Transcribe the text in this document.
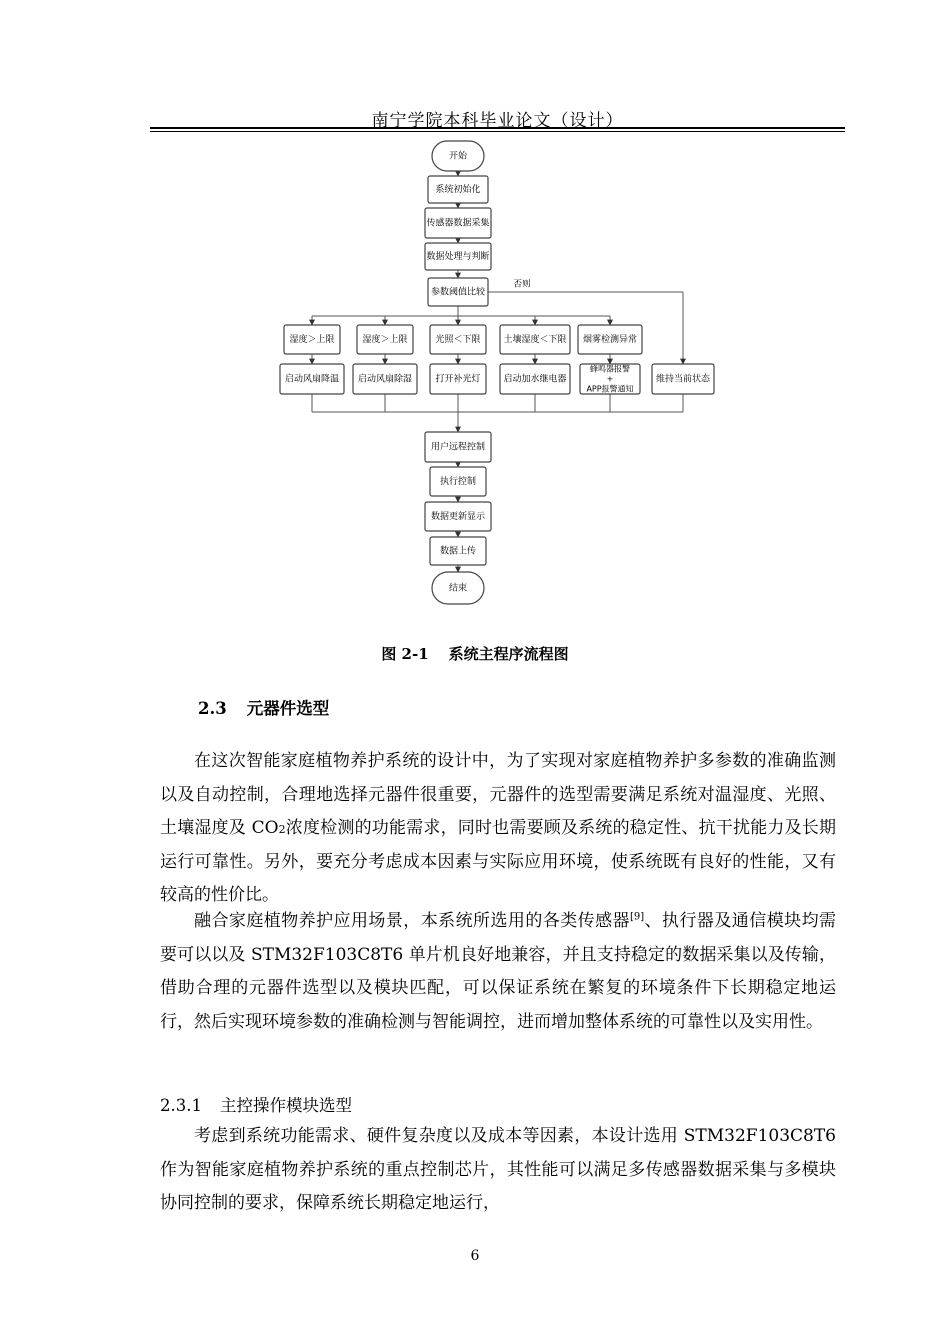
南宁学院本科毕业论文（设计）
开始
系统初始化
传感器数据采集
数据处理与判断
参数阈值比较
否则
湿度＞上限	湿度＞上限	光照＜下限	土壤湿度＜下限 烟雾检测异常
启动风扇降温 启动风扇除湿	打开补光灯	启动加水继电器
蜂鸣器报警
+
APP报警通知
维持当前状态
用户远程控制
执行控制
数据更新显示
数据上传
结束
图 2-1 系统主程序流程图
2.3 元器件选型

在这次智能家庭植物养护系统的设计中，为了实现对家庭植物养护多参数的准确监测以及自动控制，合理地选择元器件很重要，元器件的选型需要满足系统对温湿度、光照、土壤湿度及 CO2浓度检测的功能需求，同时也需要顾及系统的稳定性、抗干扰能力及长期运行可靠性。另外，要充分考虑成本因素与实际应用环境，使系统既有良好的性能，又有较高的性价比。

融合家庭植物养护应用场景，本系统所选用的各类传感器[9]、执行器及通信模块均需要可以以及 STM32F103C8T6 单片机良好地兼容，并且支持稳定的数据采集以及传输，借助合理的元器件选型以及模块匹配，可以保证系统在繁复的环境条件下长期稳定地运行，然后实现环境参数的准确检测与智能调控，进而增加整体系统的可靠性以及实用性。

2.3.1 主控操作模块选型

考虑到系统功能需求、硬件复杂度以及成本等因素，本设计选用 STM32F103C8T6 作为智能家庭植物养护系统的重点控制芯片，其性能可以满足多传感器数据采集与多模块协同控制的要求，保障系统长期稳定地运行，

6
